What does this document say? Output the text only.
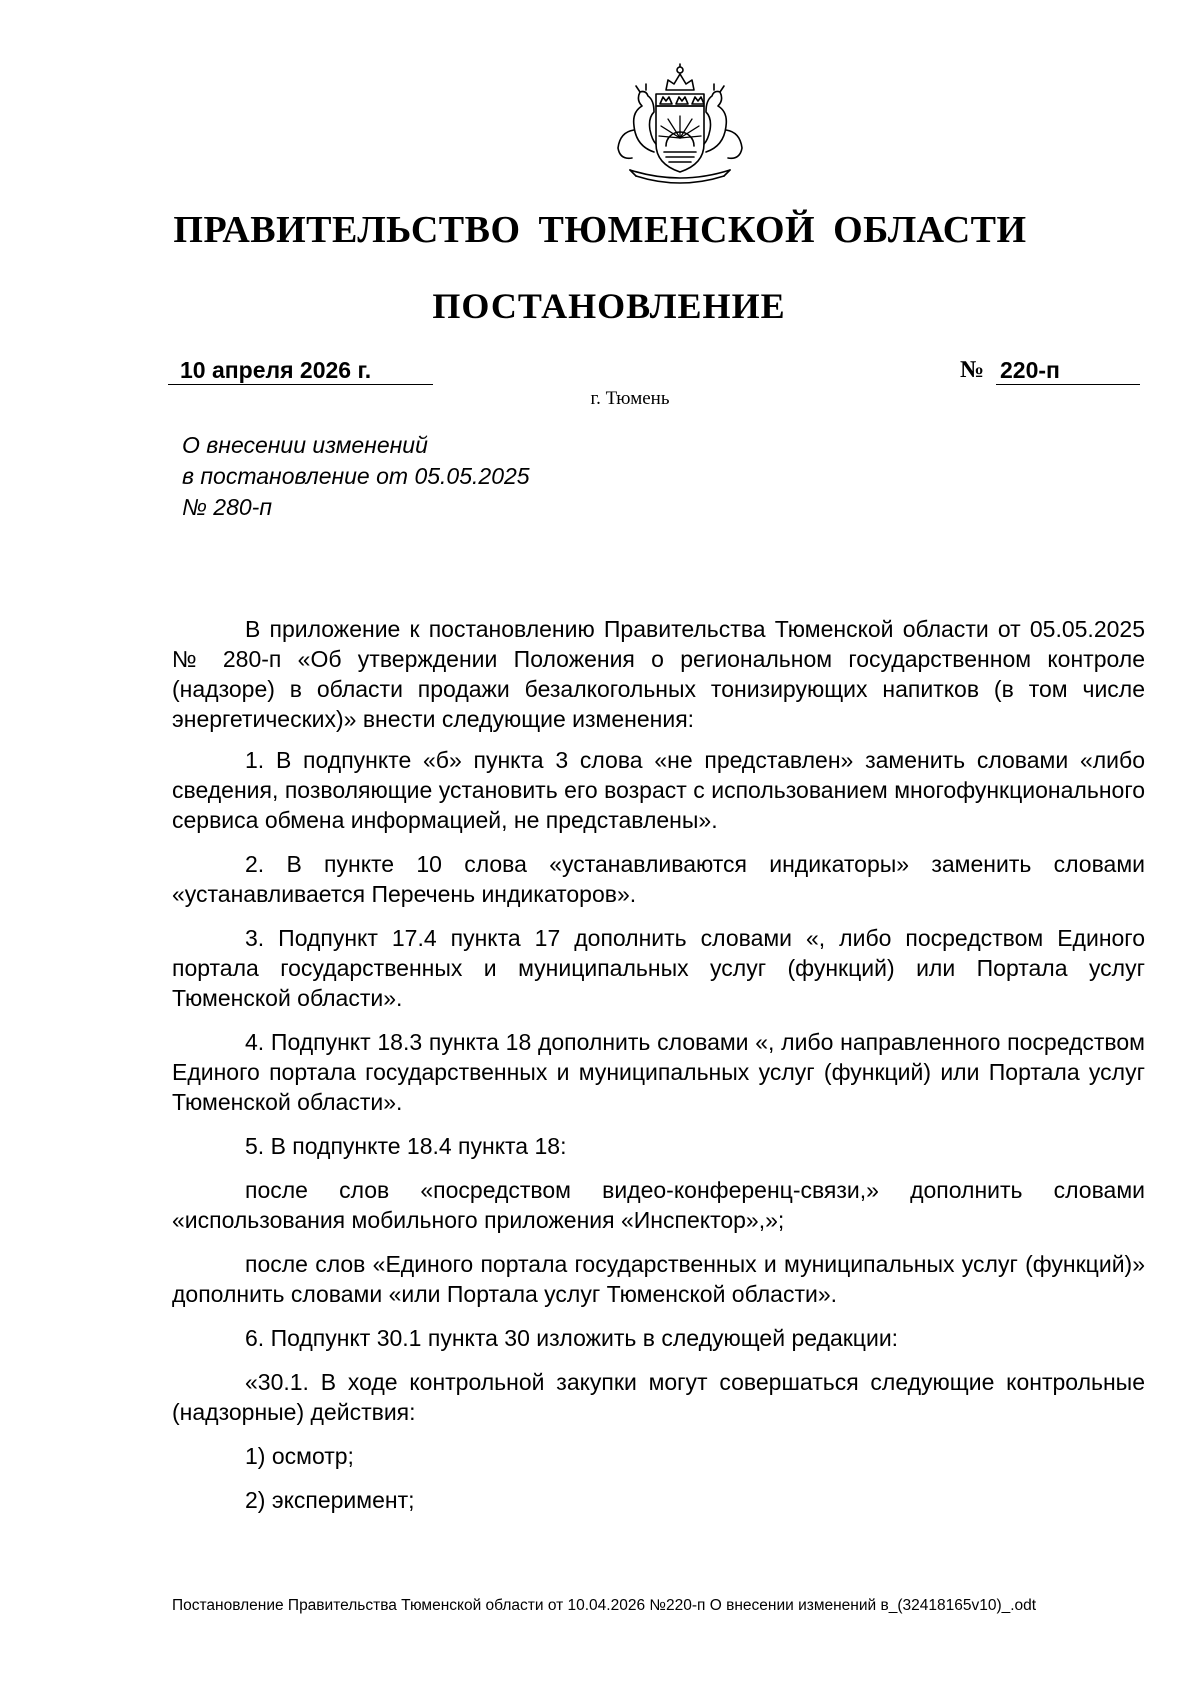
ПРАВИТЕЛЬСТВО ТЮМЕНСКОЙ ОБЛАСТИ
ПОСТАНОВЛЕНИЕ
10 апреля 2026 г.	№ 220-п
г. Тюмень
О внесении изменений
в постановление от 05.05.2025
№ 280-п

В приложение к постановлению Правительства Тюменской области от 05.05.2025 № 280-п «Об утверждении Положения о региональном государственном контроле (надзоре) в области продажи безалкогольных тонизирующих напитков (в том числе энергетических)» внести следующие изменения:

1. В подпункте «б» пункта 3 слова «не представлен» заменить словами «либо сведения, позволяющие установить его возраст с использованием многофункционального сервиса обмена информацией, не представлены».

2. В пункте 10 слова «устанавливаются индикаторы» заменить словами «устанавливается Перечень индикаторов».

3. Подпункт 17.4 пункта 17 дополнить словами «, либо посредством Единого портала государственных и муниципальных услуг (функций) или Портала услуг Тюменской области».

4. Подпункт 18.3 пункта 18 дополнить словами «, либо направленного посредством Единого портала государственных и муниципальных услуг (функций) или Портала услуг Тюменской области».

5. В подпункте 18.4 пункта 18:

после слов «посредством видео-конференц-связи,» дополнить словами «использования мобильного приложения «Инспектор»,»;

после слов «Единого портала государственных и муниципальных услуг (функций)» дополнить словами «или Портала услуг Тюменской области».

6. Подпункт 30.1 пункта 30 изложить в следующей редакции:

«30.1. В ходе контрольной закупки могут совершаться следующие контрольные (надзорные) действия:

1) осмотр;

2) эксперимент;

Постановление Правительства Тюменской области от 10.04.2026 №220-п О внесении изменений в_(32418165v10)_.odt
